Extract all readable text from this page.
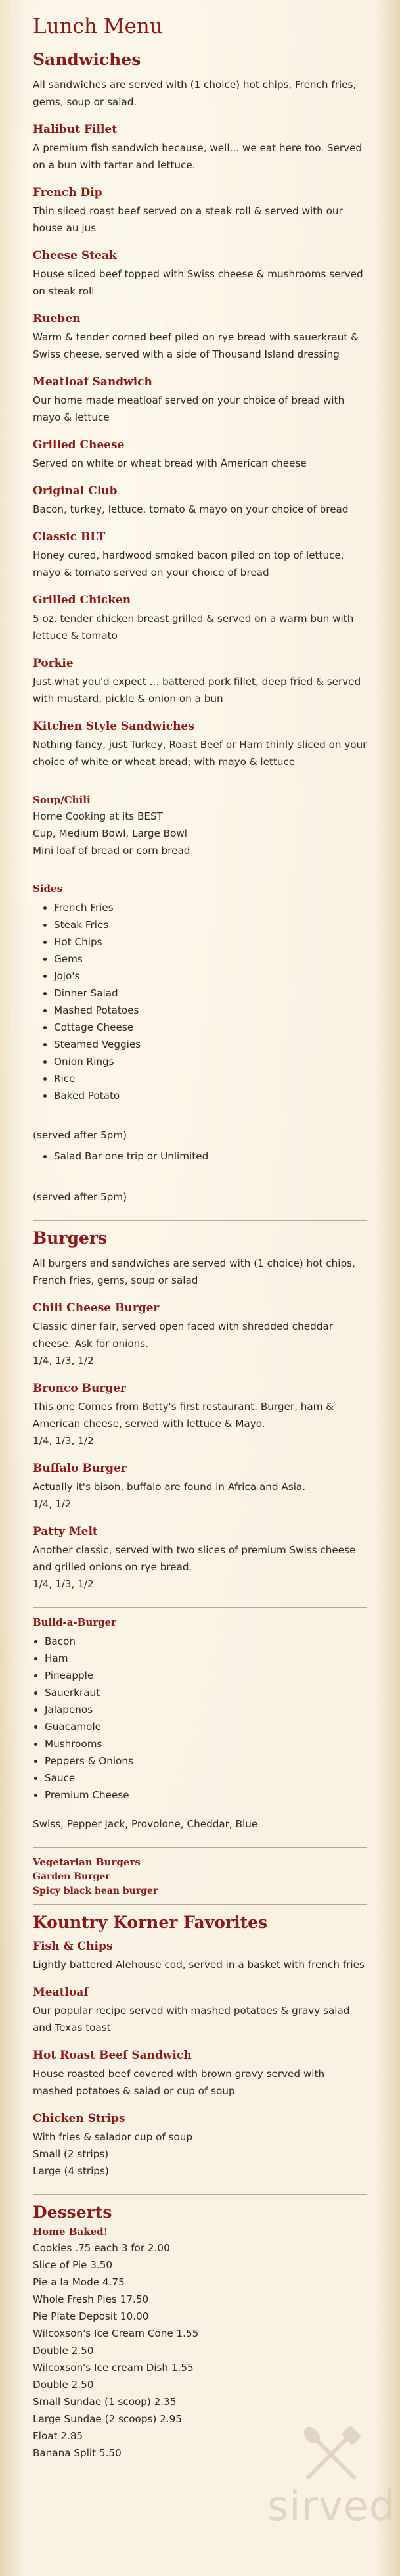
Lunch Menu
Sandwiches

All sandwiches are served with (1 choice) hot chips, French fries, gems, soup or salad.

Halibut Fillet

A premium fish sandwich because, well... we eat here too. Served on a bun with tartar and lettuce.

French Dip

Thin sliced roast beef served on a steak roll & served with our house au jus

Cheese Steak

House sliced beef topped with Swiss cheese & mushrooms served on steak roll

Rueben

Warm & tender corned beef piled on rye bread with sauerkraut & Swiss cheese, served with a side of Thousand Island dressing

Meatloaf Sandwich

Our home made meatloaf served on your choice of bread with mayo & lettuce

Grilled Cheese

Served on white or wheat bread with American cheese

Original Club

Bacon, turkey, lettuce, tomato & mayo on your choice of bread

Classic BLT

Honey cured, hardwood smoked bacon piled on top of lettuce, mayo & tomato served on your choice of bread

Grilled Chicken

5 oz. tender chicken breast grilled & served on a warm bun with lettuce & tomato

Porkie

Just what you'd expect ... battered pork fillet, deep fried & served with mustard, pickle & onion on a bun

Kitchen Style Sandwiches

Nothing fancy, just Turkey, Roast Beef or Ham thinly sliced on your choice of white or wheat bread; with mayo & lettuce

Soup/Chili

Home Cooking at its BEST

Cup, Medium Bowl, Large Bowl

Mini loaf of bread or corn bread

Sides
• French Fries
• Steak Fries
• Hot Chips
• Gems
• Jojo's
• Dinner Salad
• Mashed Potatoes
• Cottage Cheese
• Steamed Veggies
• Onion Rings
• Rice
• Baked Potato

(served after 5pm)

• Salad Bar one trip or Unlimited

(served after 5pm)

Burgers

All burgers and sandwiches are served with (1 choice) hot chips, French fries, gems, soup or salad

Chili Cheese Burger

Classic diner fair, served open faced with shredded cheddar cheese. Ask for onions.

1/4, 1/3, 1/2

Bronco Burger

This one Comes from Betty's first restaurant. Burger, ham & American cheese, served with lettuce & Mayo.

1/4, 1/3, 1/2

Buffalo Burger

Actually it's bison, buffalo are found in Africa and Asia.

1/4, 1/2

Patty Melt

Another classic, served with two slices of premium Swiss cheese and grilled onions on rye bread.

1/4, 1/3, 1/2

Build-a-Burger
• Bacon
• Ham
• Pineapple
• Sauerkraut
• Jalapenos
• Guacamole
• Mushrooms
• Peppers & Onions
• Sauce
• Premium Cheese

Swiss, Pepper Jack, Provolone, Cheddar, Blue

Vegetarian Burgers
Garden Burger
Spicy black bean burger
Kountry Korner Favorites
Fish & Chips

Lightly battered Alehouse cod, served in a basket with french fries

Meatloaf

Our popular recipe served with mashed potatoes & gravy salad and Texas toast

Hot Roast Beef Sandwich

House roasted beef covered with brown gravy served with mashed potatoes & salad or cup of soup

Chicken Strips

With fries & salador cup of soup

Small (2 strips)

Large (4 strips)

Desserts
Home Baked!

Cookies .75 each 3 for 2.00

Slice of Pie 3.50

Pie a la Mode 4.75

Whole Fresh Pies 17.50

Pie Plate Deposit 10.00

Wilcoxson's Ice Cream Cone 1.55

Double 2.50

Wilcoxson's Ice cream Dish 1.55

Double 2.50

Small Sundae (1 scoop) 2.35

Large Sundae (2 scoops) 2.95

Float 2.85

Banana Split 5.50

sirved
